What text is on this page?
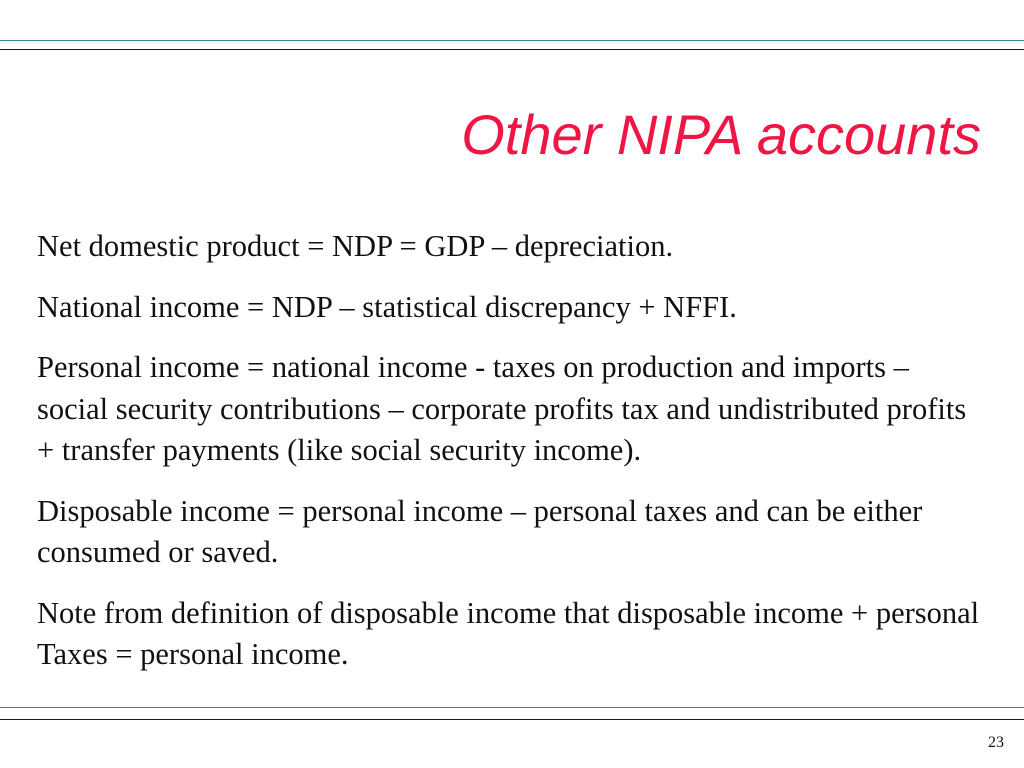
Other NIPA accounts

Net domestic product = NDP = GDP – depreciation.

National income = NDP – statistical discrepancy + NFFI.

Personal income = national income - taxes on production and imports – social security contributions – corporate profits tax and undistributed profits + transfer payments (like social security income).

Disposable income = personal income – personal taxes and can be either consumed or saved.

Note from definition of disposable income that disposable income + personal Taxes = personal income.

23
